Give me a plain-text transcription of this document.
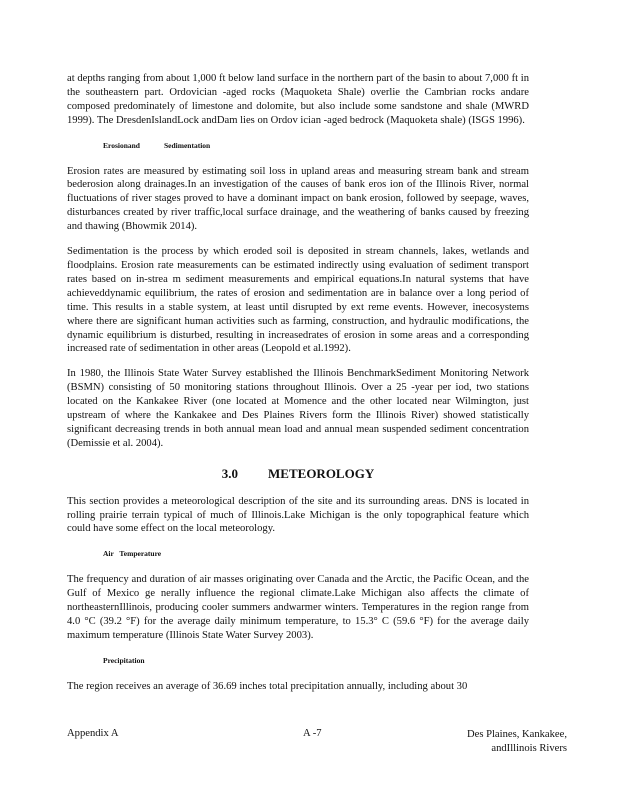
at depths ranging from about 1,000 ft below land surface in the northern part of the basin to about 7,000 ft in the southeastern part. Ordovician -aged rocks (Maquoketa Shale) overlie the Cambrian rocks andare composed predominately of limestone and dolomite, but also include some sandstone and shale (MWRD 1999). The DresdenIslandLock andDam lies on Ordov ician -aged bedrock (Maquoketa shale) (ISGS 1996).

Erosionand	Sedimentation

Erosion rates are measured by estimating soil loss in upland areas and measuring stream bank and stream bederosion along drainages.In an investigation of the causes of bank eros ion of the Illinois River, normal fluctuations of river stages proved to have a dominant impact on bank erosion, followed by seepage, waves, disturbances created by river traffic,local surface drainage, and the weathering of banks caused by freezing and thawing (Bhowmik 2014).

Sedimentation is the process by which eroded soil is deposited in stream channels, lakes, wetlands and floodplains. Erosion rate measurements can be estimated indirectly using evaluation of sediment transport rates based on in-strea m sediment measurements and empirical equations.In natural systems that have achieveddynamic equilibrium, the rates of erosion and sedimentation are in balance over a long period of time. This results in a stable system, at least until disrupted by ext reme events. However, inecosystems where there are significant human activities such as farming, construction, and hydraulic modifications, the dynamic equilibrium is disturbed, resulting in increasedrates of erosion in some areas and a corresponding increased rate of sedimentation in other areas (Leopold et al.1992).

In 1980, the Illinois State Water Survey established the Illinois BenchmarkSediment Monitoring Network (BSMN) consisting of 50 monitoring stations throughout Illinois. Over a 25 -year per iod, two stations located on the Kankakee River (one located at Momence and the other located near Wilmington, just upstream of where the Kankakee and Des Plaines Rivers form the Illinois River) showed statistically significant decreasing trends in both annual mean load and annual mean suspended sediment concentration (Demissie et al. 2004).

3.0 METEOROLOGY

This section provides a meteorological description of the site and its surrounding areas. DNS is located in rolling prairie terrain typical of much of Illinois.Lake Michigan is the only topographical feature which could have some effect on the local meteorology.

Air Temperature

The frequency and duration of air masses originating over Canada and the Arctic, the Pacific Ocean, and the Gulf of Mexico ge nerally influence the regional climate.Lake Michigan also affects the climate of northeasternIllinois, producing cooler summers andwarmer winters. Temperatures in the region range from 4.0 °C (39.2 °F) for the average daily minimum temperature, to 15.3° C (59.6 °F) for the average daily maximum temperature (Illinois State Water Survey 2003).

Precipitation

The region receives an average of 36.69 inches total precipitation annually, including about 30

Appendix A	A -7	Des Plaines, Kankakee,
andIllinois Rivers
